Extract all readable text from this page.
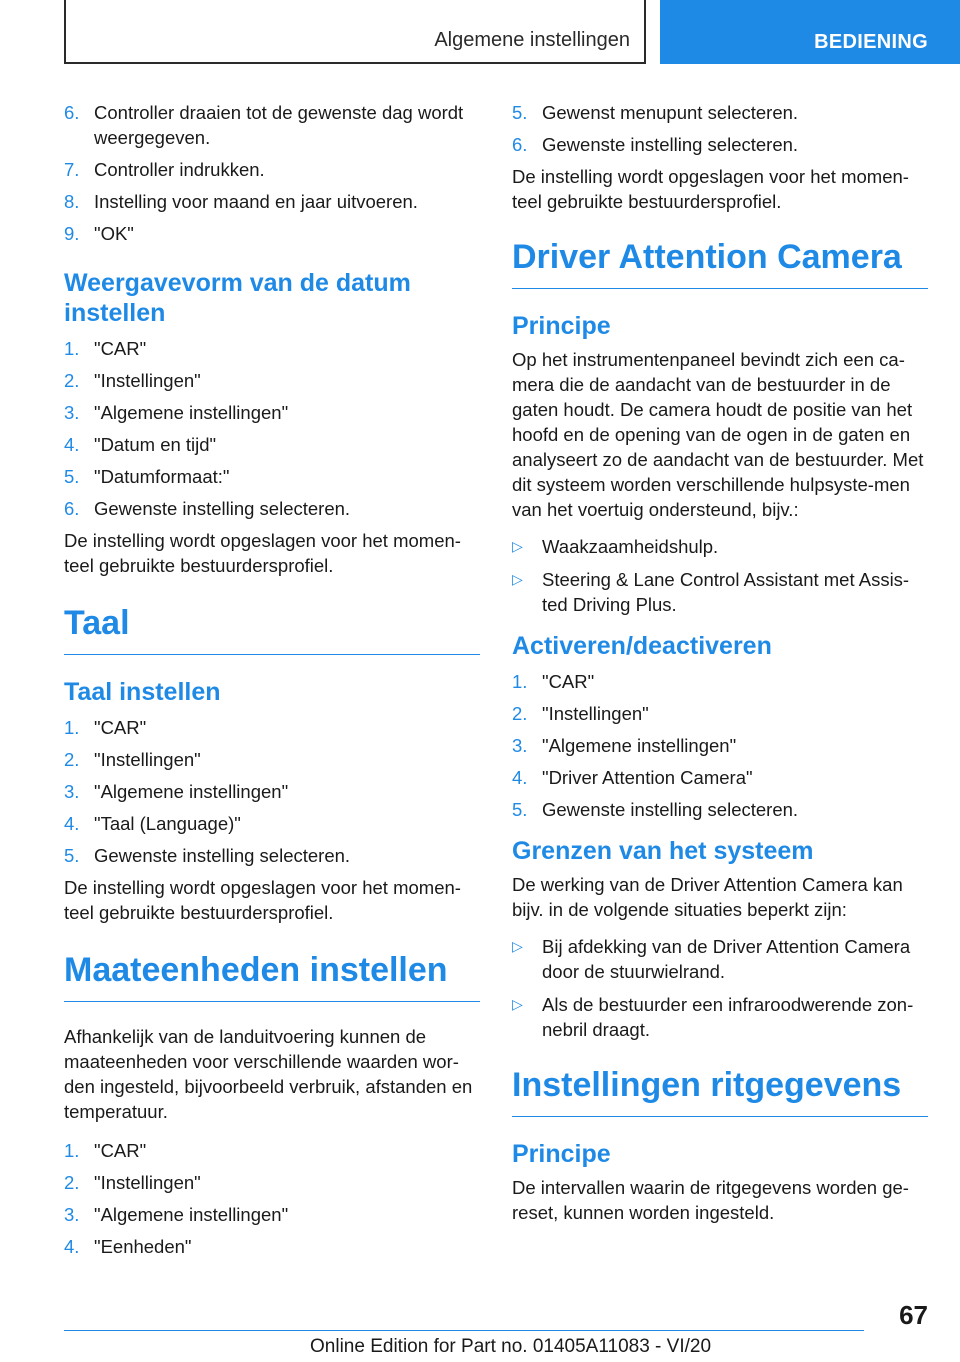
Algemene instellingen	BEDIENING
6. Controller draaien tot de gewenste dag wordt weergegeven.
7. Controller indrukken.
8. Instelling voor maand en jaar uitvoeren.
9. "OK"
Weergavevorm van de datum instellen
1. "CAR"
2. "Instellingen"
3. "Algemene instellingen"
4. "Datum en tijd"
5. "Datumformaat:"
6. Gewenste instelling selecteren.

De instelling wordt opgeslagen voor het momen‐teel gebruikte bestuurdersprofiel.

Taal
Taal instellen
1. "CAR"
2. "Instellingen"
3. "Algemene instellingen"
4. "Taal (Language)"
5. Gewenste instelling selecteren.

De instelling wordt opgeslagen voor het momen‐teel gebruikte bestuurdersprofiel.

Maateenheden instellen

Afhankelijk van de landuitvoering kunnen de maateenheden voor verschillende waarden wor‐den ingesteld, bijvoorbeeld verbruik, afstanden en temperatuur.

1. "CAR"
2. "Instellingen"
3. "Algemene instellingen"
4. "Eenheden"
5. Gewenst menupunt selecteren.
6. Gewenste instelling selecteren.

De instelling wordt opgeslagen voor het momen‐teel gebruikte bestuurdersprofiel.

Driver Attention Camera
Principe

Op het instrumentenpaneel bevindt zich een ca‐mera die de aandacht van de bestuurder in de gaten houdt. De camera houdt de positie van het hoofd en de opening van de ogen in de gaten en analyseert zo de aandacht van de bestuurder. Met dit systeem worden verschillende hulpsyste‐men van het voertuig ondersteund, bijv.:

▷ Waakzaamheidshulp.
▷ Steering & Lane Control Assistant met Assis‐ted Driving Plus.
Activeren/deactiveren
1. "CAR"
2. "Instellingen"
3. "Algemene instellingen"
4. "Driver Attention Camera"
5. Gewenste instelling selecteren.
Grenzen van het systeem

De werking van de Driver Attention Camera kan bijv. in de volgende situaties beperkt zijn:

▷ Bij afdekking van de Driver Attention Camera door de stuurwielrand.
▷ Als de bestuurder een infraroodwerende zon‐nebril draagt.
Instellingen ritgegevens
Principe

De intervallen waarin de ritgegevens worden ge‐reset, kunnen worden ingesteld.

67
Online Edition for Part no. 01405A11083 - VI/20
